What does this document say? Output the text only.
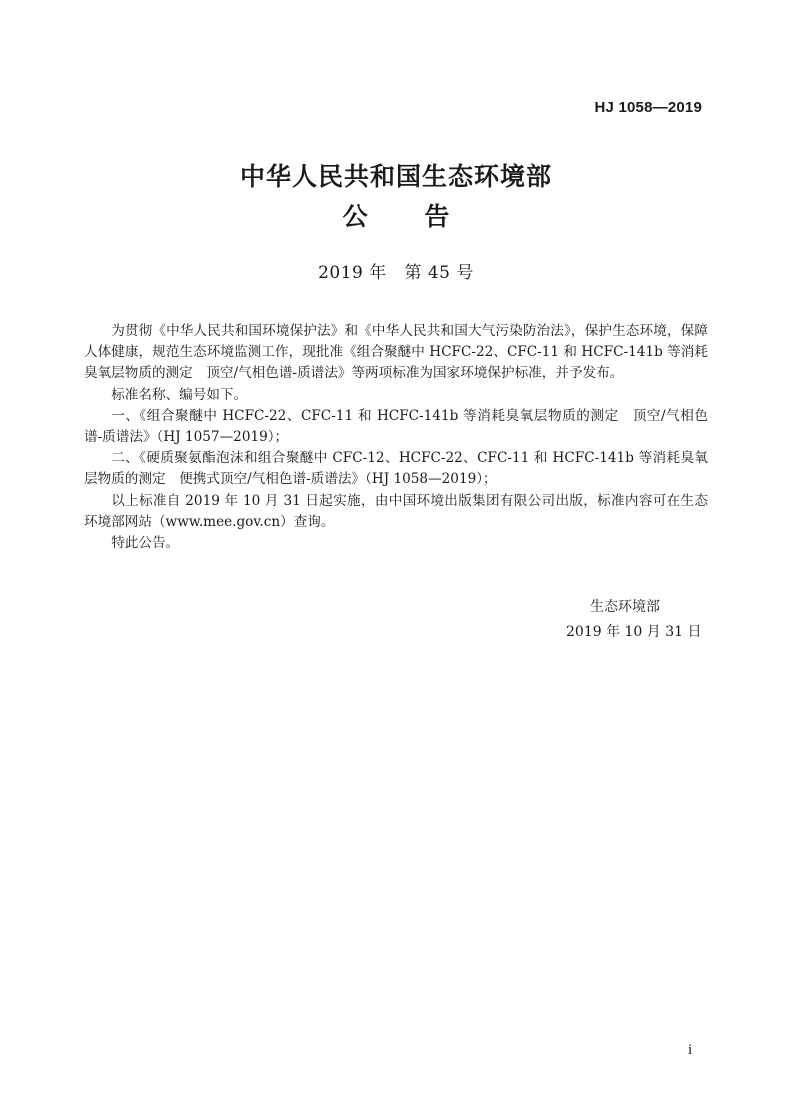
HJ 1058—2019
中华人民共和国生态环境部
公 告
2019 年   第 45 号

为贯彻《中华人民共和国环境保护法》和《中华人民共和国大气污染防治法》，保护生态环境，保障人体健康，规范生态环境监测工作，现批准《组合聚醚中 HCFC-22、CFC-11 和 HCFC-141b 等消耗臭氧层物质的测定　顶空/气相色谱-质谱法》等两项标准为国家环境保护标准，并予发布。

标准名称、编号如下。

一、《组合聚醚中 HCFC-22、CFC-11 和 HCFC-141b 等消耗臭氧层物质的测定　顶空/气相色谱-质谱法》（HJ 1057—2019）；

二、《硬质聚氨酯泡沫和组合聚醚中 CFC-12、HCFC-22、CFC-11 和 HCFC-141b 等消耗臭氧层物质的测定　便携式顶空/气相色谱-质谱法》（HJ 1058—2019）；

以上标准自 2019 年 10 月 31 日起实施，由中国环境出版集团有限公司出版，标准内容可在生态环境部网站（www.mee.gov.cn）查询。

特此公告。

生态环境部
2019 年 10 月 31 日
i
